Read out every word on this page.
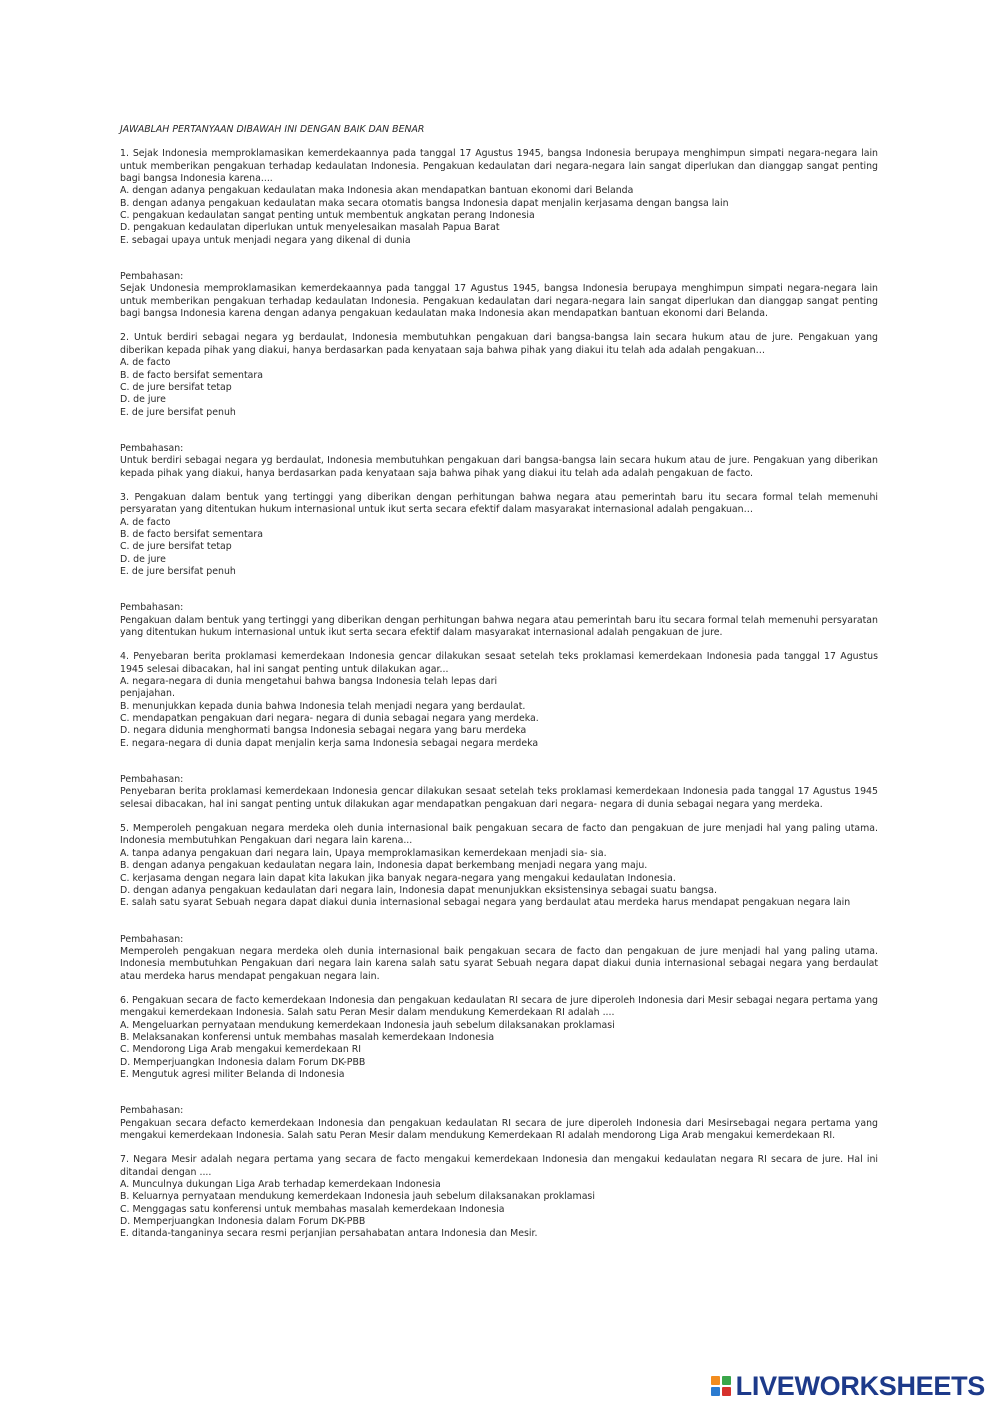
JAWABLAH PERTANYAAN DIBAWAH INI DENGAN BAIK DAN BENAR
1. Sejak Indonesia memproklamasikan kemerdekaannya pada tanggal 17 Agustus 1945, bangsa Indonesia berupaya menghimpun simpati negara-negara lain untuk memberikan pengakuan terhadap kedaulatan Indonesia. Pengakuan kedaulatan dari negara-negara lain sangat diperlukan dan dianggap sangat penting bagi bangsa Indonesia karena....
A. dengan adanya pengakuan kedaulatan maka Indonesia akan mendapatkan bantuan ekonomi dari Belanda
B. dengan adanya pengakuan kedaulatan maka secara otomatis bangsa Indonesia dapat menjalin kerjasama dengan bangsa lain
C. pengakuan kedaulatan sangat penting untuk membentuk angkatan perang Indonesia
D. pengakuan kedaulatan diperlukan untuk menyelesaikan masalah Papua Barat
E. sebagai upaya untuk menjadi negara yang dikenal di dunia
Pembahasan:
Sejak Undonesia memproklamasikan kemerdekaannya pada tanggal 17 Agustus 1945, bangsa Indonesia berupaya menghimpun simpati negara-negara lain untuk memberikan pengakuan terhadap kedaulatan Indonesia. Pengakuan kedaulatan dari negara-negara lain sangat diperlukan dan dianggap sangat penting bagi bangsa Indonesia karena dengan adanya pengakuan kedaulatan maka Indonesia akan mendapatkan bantuan ekonomi dari Belanda.
2. Untuk berdiri sebagai negara yg berdaulat, Indonesia membutuhkan pengakuan dari bangsa-bangsa lain secara hukum atau de jure. Pengakuan yang diberikan kepada pihak yang diakui, hanya berdasarkan pada kenyataan saja bahwa pihak yang diakui itu telah ada adalah pengakuan…
A. de facto
B. de facto bersifat sementara
C. de jure bersifat tetap
D. de jure
E. de jure bersifat penuh
Pembahasan:
Untuk berdiri sebagai negara yg berdaulat, Indonesia membutuhkan pengakuan dari bangsa-bangsa lain secara hukum atau de jure. Pengakuan yang diberikan kepada pihak yang diakui, hanya berdasarkan pada kenyataan saja bahwa pihak yang diakui itu telah ada adalah pengakuan de facto.
3. Pengakuan dalam bentuk yang tertinggi yang diberikan dengan perhitungan bahwa negara atau pemerintah baru itu secara formal telah memenuhi persyaratan yang ditentukan hukum internasional untuk ikut serta secara efektif dalam masyarakat internasional adalah pengakuan…
A. de facto
B. de facto bersifat sementara
C. de jure bersifat tetap
D. de jure
E. de jure bersifat penuh
Pembahasan:
Pengakuan dalam bentuk yang tertinggi yang diberikan dengan perhitungan bahwa negara atau pemerintah baru itu secara formal telah memenuhi persyaratan yang ditentukan hukum internasional untuk ikut serta secara efektif dalam masyarakat internasional adalah pengakuan de jure.
4. Penyebaran berita proklamasi kemerdekaan Indonesia gencar dilakukan sesaat setelah teks proklamasi kemerdekaan Indonesia pada tanggal 17 Agustus 1945 selesai dibacakan, hal ini sangat penting untuk dilakukan agar...
A. negara-negara di dunia mengetahui bahwa bangsa Indonesia telah lepas dari
penjajahan.
B. menunjukkan kepada dunia bahwa Indonesia telah menjadi negara yang berdaulat.
C. mendapatkan pengakuan dari negara- negara di dunia sebagai negara yang merdeka.
D. negara didunia menghormati bangsa Indonesia sebagai negara yang baru merdeka
E. negara-negara di dunia dapat menjalin kerja sama Indonesia sebagai negara merdeka
Pembahasan:
Penyebaran berita proklamasi kemerdekaan Indonesia gencar dilakukan sesaat setelah teks proklamasi kemerdekaan Indonesia pada tanggal 17 Agustus 1945 selesai dibacakan, hal ini sangat penting untuk dilakukan agar mendapatkan pengakuan dari negara- negara di dunia sebagai negara yang merdeka.
5. Memperoleh pengakuan negara merdeka oleh dunia internasional baik pengakuan secara de facto dan pengakuan de jure menjadi hal yang paling utama. Indonesia membutuhkan Pengakuan dari negara lain karena...
A. tanpa adanya pengakuan dari negara lain, Upaya memproklamasikan kemerdekaan menjadi sia- sia.
B. dengan adanya pengakuan kedaulatan negara lain, Indonesia dapat berkembang menjadi negara yang maju.
C. kerjasama dengan negara lain dapat kita lakukan jika banyak negara-negara yang mengakui kedaulatan Indonesia.
D. dengan adanya pengakuan kedaulatan dari negara lain, Indonesia dapat menunjukkan eksistensinya sebagai suatu bangsa.
E. salah satu syarat Sebuah negara dapat diakui dunia internasional sebagai negara yang berdaulat atau merdeka harus mendapat pengakuan negara lain
Pembahasan:
Memperoleh pengakuan negara merdeka oleh dunia internasional baik pengakuan secara de facto dan pengakuan de jure menjadi hal yang paling utama. Indonesia membutuhkan Pengakuan dari negara lain karena salah satu syarat Sebuah negara dapat diakui dunia internasional sebagai negara yang berdaulat atau merdeka harus mendapat pengakuan negara lain.
6. Pengakuan secara de facto kemerdekaan Indonesia dan pengakuan kedaulatan RI secara de jure diperoleh Indonesia dari Mesir sebagai negara pertama yang mengakui kemerdekaan Indonesia. Salah satu Peran Mesir dalam mendukung Kemerdekaan RI adalah ....
A. Mengeluarkan pernyataan mendukung kemerdekaan Indonesia jauh sebelum dilaksanakan proklamasi
B. Melaksanakan konferensi untuk membahas masalah kemerdekaan Indonesia
C. Mendorong Liga Arab mengakui kemerdekaan RI
D. Memperjuangkan Indonesia dalam Forum DK-PBB
E. Mengutuk agresi militer Belanda di Indonesia
Pembahasan:
Pengakuan secara defacto kemerdekaan Indonesia dan pengakuan kedaulatan RI secara de jure diperoleh Indonesia dari Mesirsebagai negara pertama yang mengakui kemerdekaan Indonesia. Salah satu Peran Mesir dalam mendukung Kemerdekaan RI adalah mendorong Liga Arab mengakui kemerdekaan RI.
7. Negara Mesir adalah negara pertama yang secara de facto mengakui kemerdekaan Indonesia dan mengakui kedaulatan negara RI secara de jure. Hal ini ditandai dengan ....
A. Munculnya dukungan Liga Arab terhadap kemerdekaan Indonesia
B. Keluarnya pernyataan mendukung kemerdekaan Indonesia jauh sebelum dilaksanakan proklamasi
C. Menggagas satu konferensi untuk membahas masalah kemerdekaan Indonesia
D. Memperjuangkan Indonesia dalam Forum DK-PBB
E. ditanda-tanganinya secara resmi perjanjian persahabatan antara Indonesia dan Mesir.
LIVEWORKSHEETS
